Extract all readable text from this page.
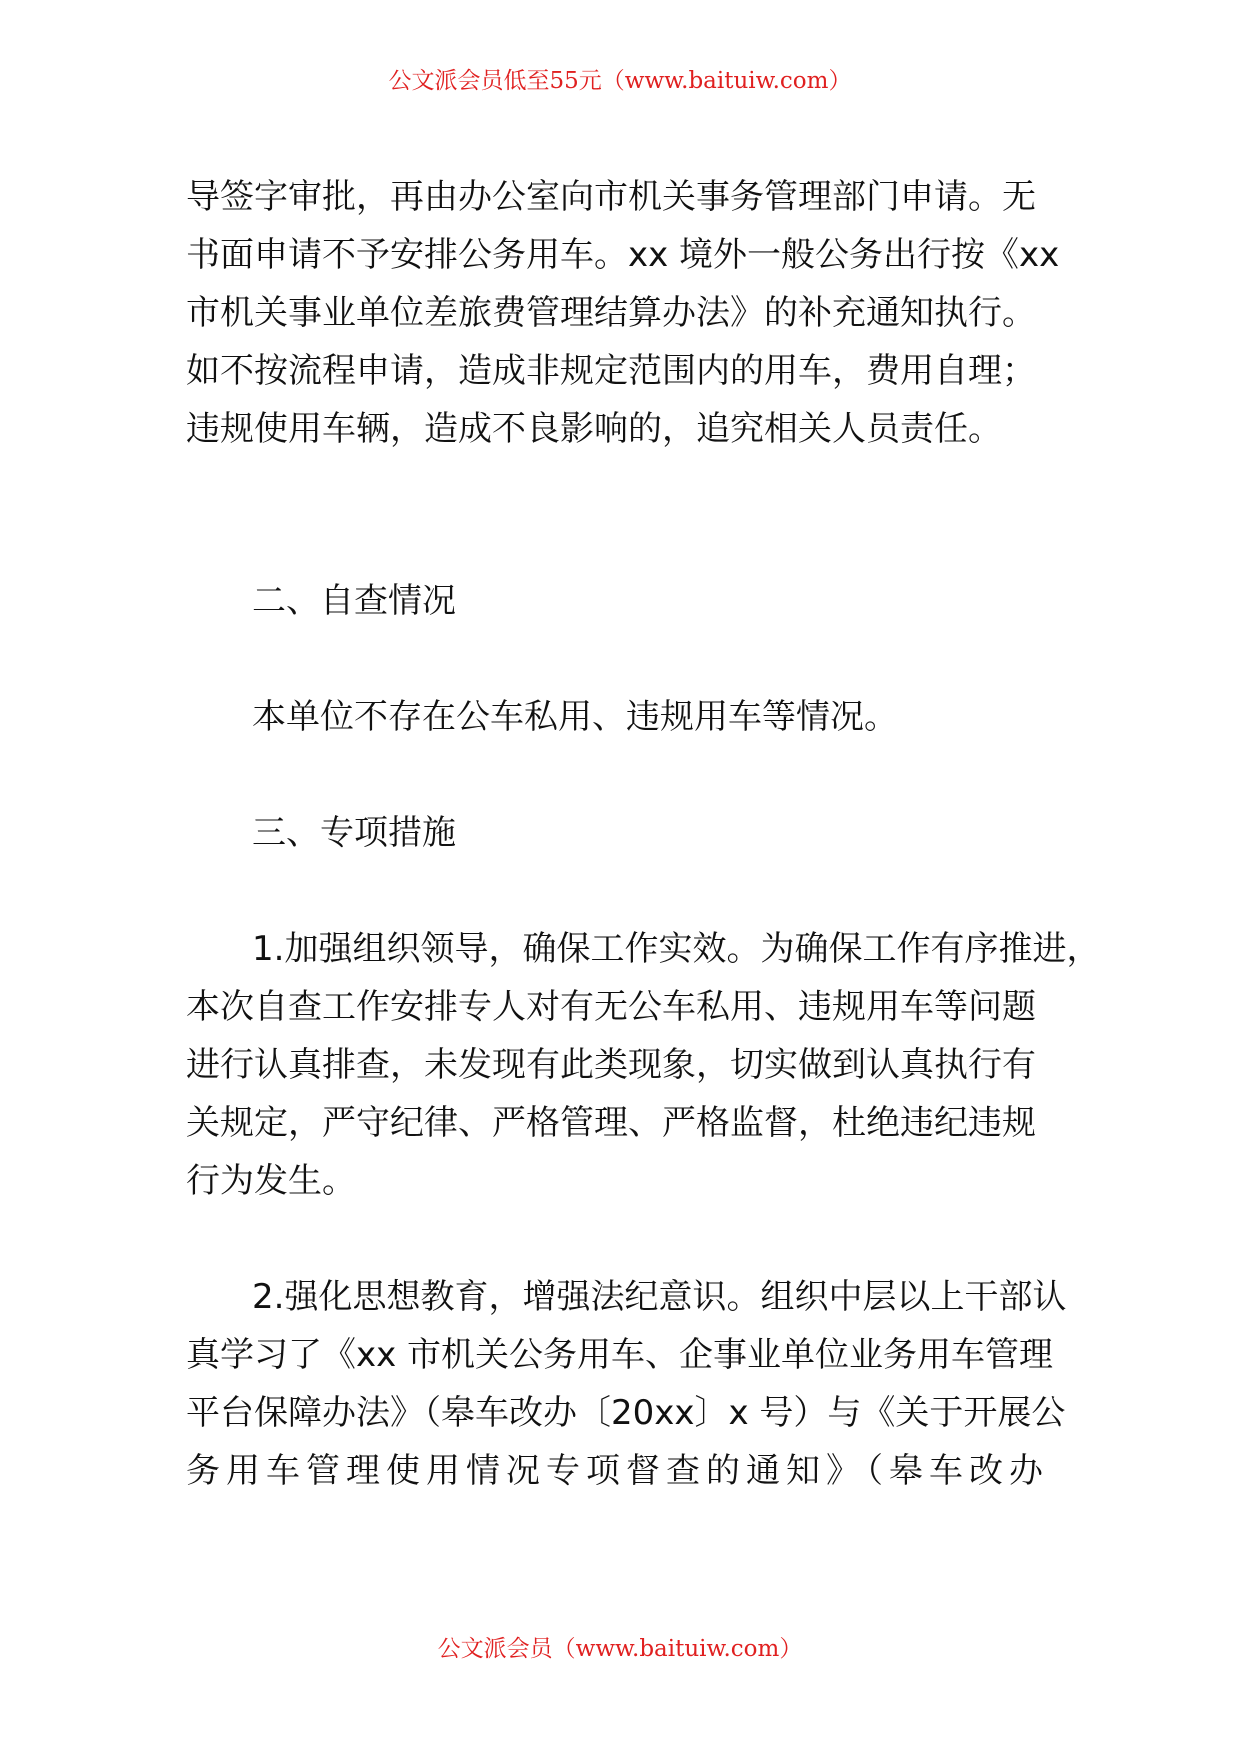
公文派会员低至55元（www.baituiw.com）
导签字审批，再由办公室向市机关事务管理部门申请。无
书面申请不予安排公务用车。xx 境外一般公务出行按《xx
市机关事业单位差旅费管理结算办法》的补充通知执行。
如不按流程申请，造成非规定范围内的用车，费用自理；
违规使用车辆，造成不良影响的，追究相关人员责任。
二、自查情况
本单位不存在公车私用、违规用车等情况。
三、专项措施
1.加强组织领导，确保工作实效。为确保工作有序推进，
本次自查工作安排专人对有无公车私用、违规用车等问题
进行认真排查，未发现有此类现象，切实做到认真执行有
关规定，严守纪律、严格管理、严格监督，杜绝违纪违规
行为发生。
2.强化思想教育，增强法纪意识。组织中层以上干部认
真学习了《xx 市机关公务用车、企事业单位业务用车管理
平台保障办法》（皋车改办〔20xx〕x 号）与《关于开展公
务用车管理使用情况专项督查的通知》（皋车改办
公文派会员（www.baituiw.com）
